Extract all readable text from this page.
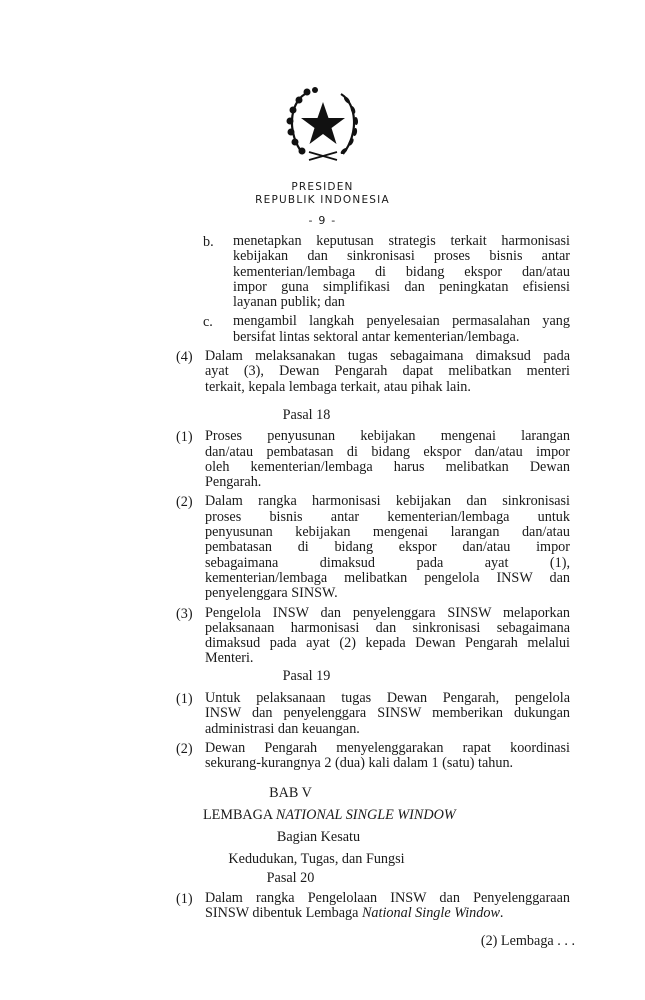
PRESIDEN
REPUBLIK INDONESIA
- 9 -
b. menetapkan keputusan strategis terkait harmonisasi
kebijakan dan sinkronisasi proses bisnis antar
kementerian/lembaga di bidang ekspor dan/atau
impor guna simplifikasi dan peningkatan efisiensi
layanan publik; dan
c. mengambil langkah penyelesaian permasalahan yang
bersifat lintas sektoral antar kementerian/lembaga.
(4) Dalam melaksanakan tugas sebagaimana dimaksud pada
ayat (3), Dewan Pengarah dapat melibatkan menteri
terkait, kepala lembaga terkait, atau pihak lain.
Pasal 18
(1) Proses penyusunan kebijakan mengenai larangan
dan/atau pembatasan di bidang ekspor dan/atau impor
oleh kementerian/lembaga harus melibatkan Dewan
Pengarah.
(2) Dalam rangka harmonisasi kebijakan dan sinkronisasi
proses bisnis antar kementerian/lembaga untuk
penyusunan kebijakan mengenai larangan dan/atau
pembatasan di bidang ekspor dan/atau impor
sebagaimana dimaksud pada ayat (1),
kementerian/lembaga melibatkan pengelola INSW dan
penyelenggara SINSW.
(3) Pengelola INSW dan penyelenggara SINSW melaporkan
pelaksanaan harmonisasi dan sinkronisasi sebagaimana
dimaksud pada ayat (2) kepada Dewan Pengarah melalui
Menteri.
Pasal 19
(1) Untuk pelaksanaan tugas Dewan Pengarah, pengelola
INSW dan penyelenggara SINSW memberikan dukungan
administrasi dan keuangan.
(2) Dewan Pengarah menyelenggarakan rapat koordinasi
sekurang-kurangnya 2 (dua) kali dalam 1 (satu) tahun.
BAB V
LEMBAGA NATIONAL SINGLE WINDOW
Bagian Kesatu
Kedudukan, Tugas, dan Fungsi
Pasal 20
(1) Dalam rangka Pengelolaan INSW dan Penyelenggaraan
SINSW dibentuk Lembaga National Single Window.
(2) Lembaga . . .
